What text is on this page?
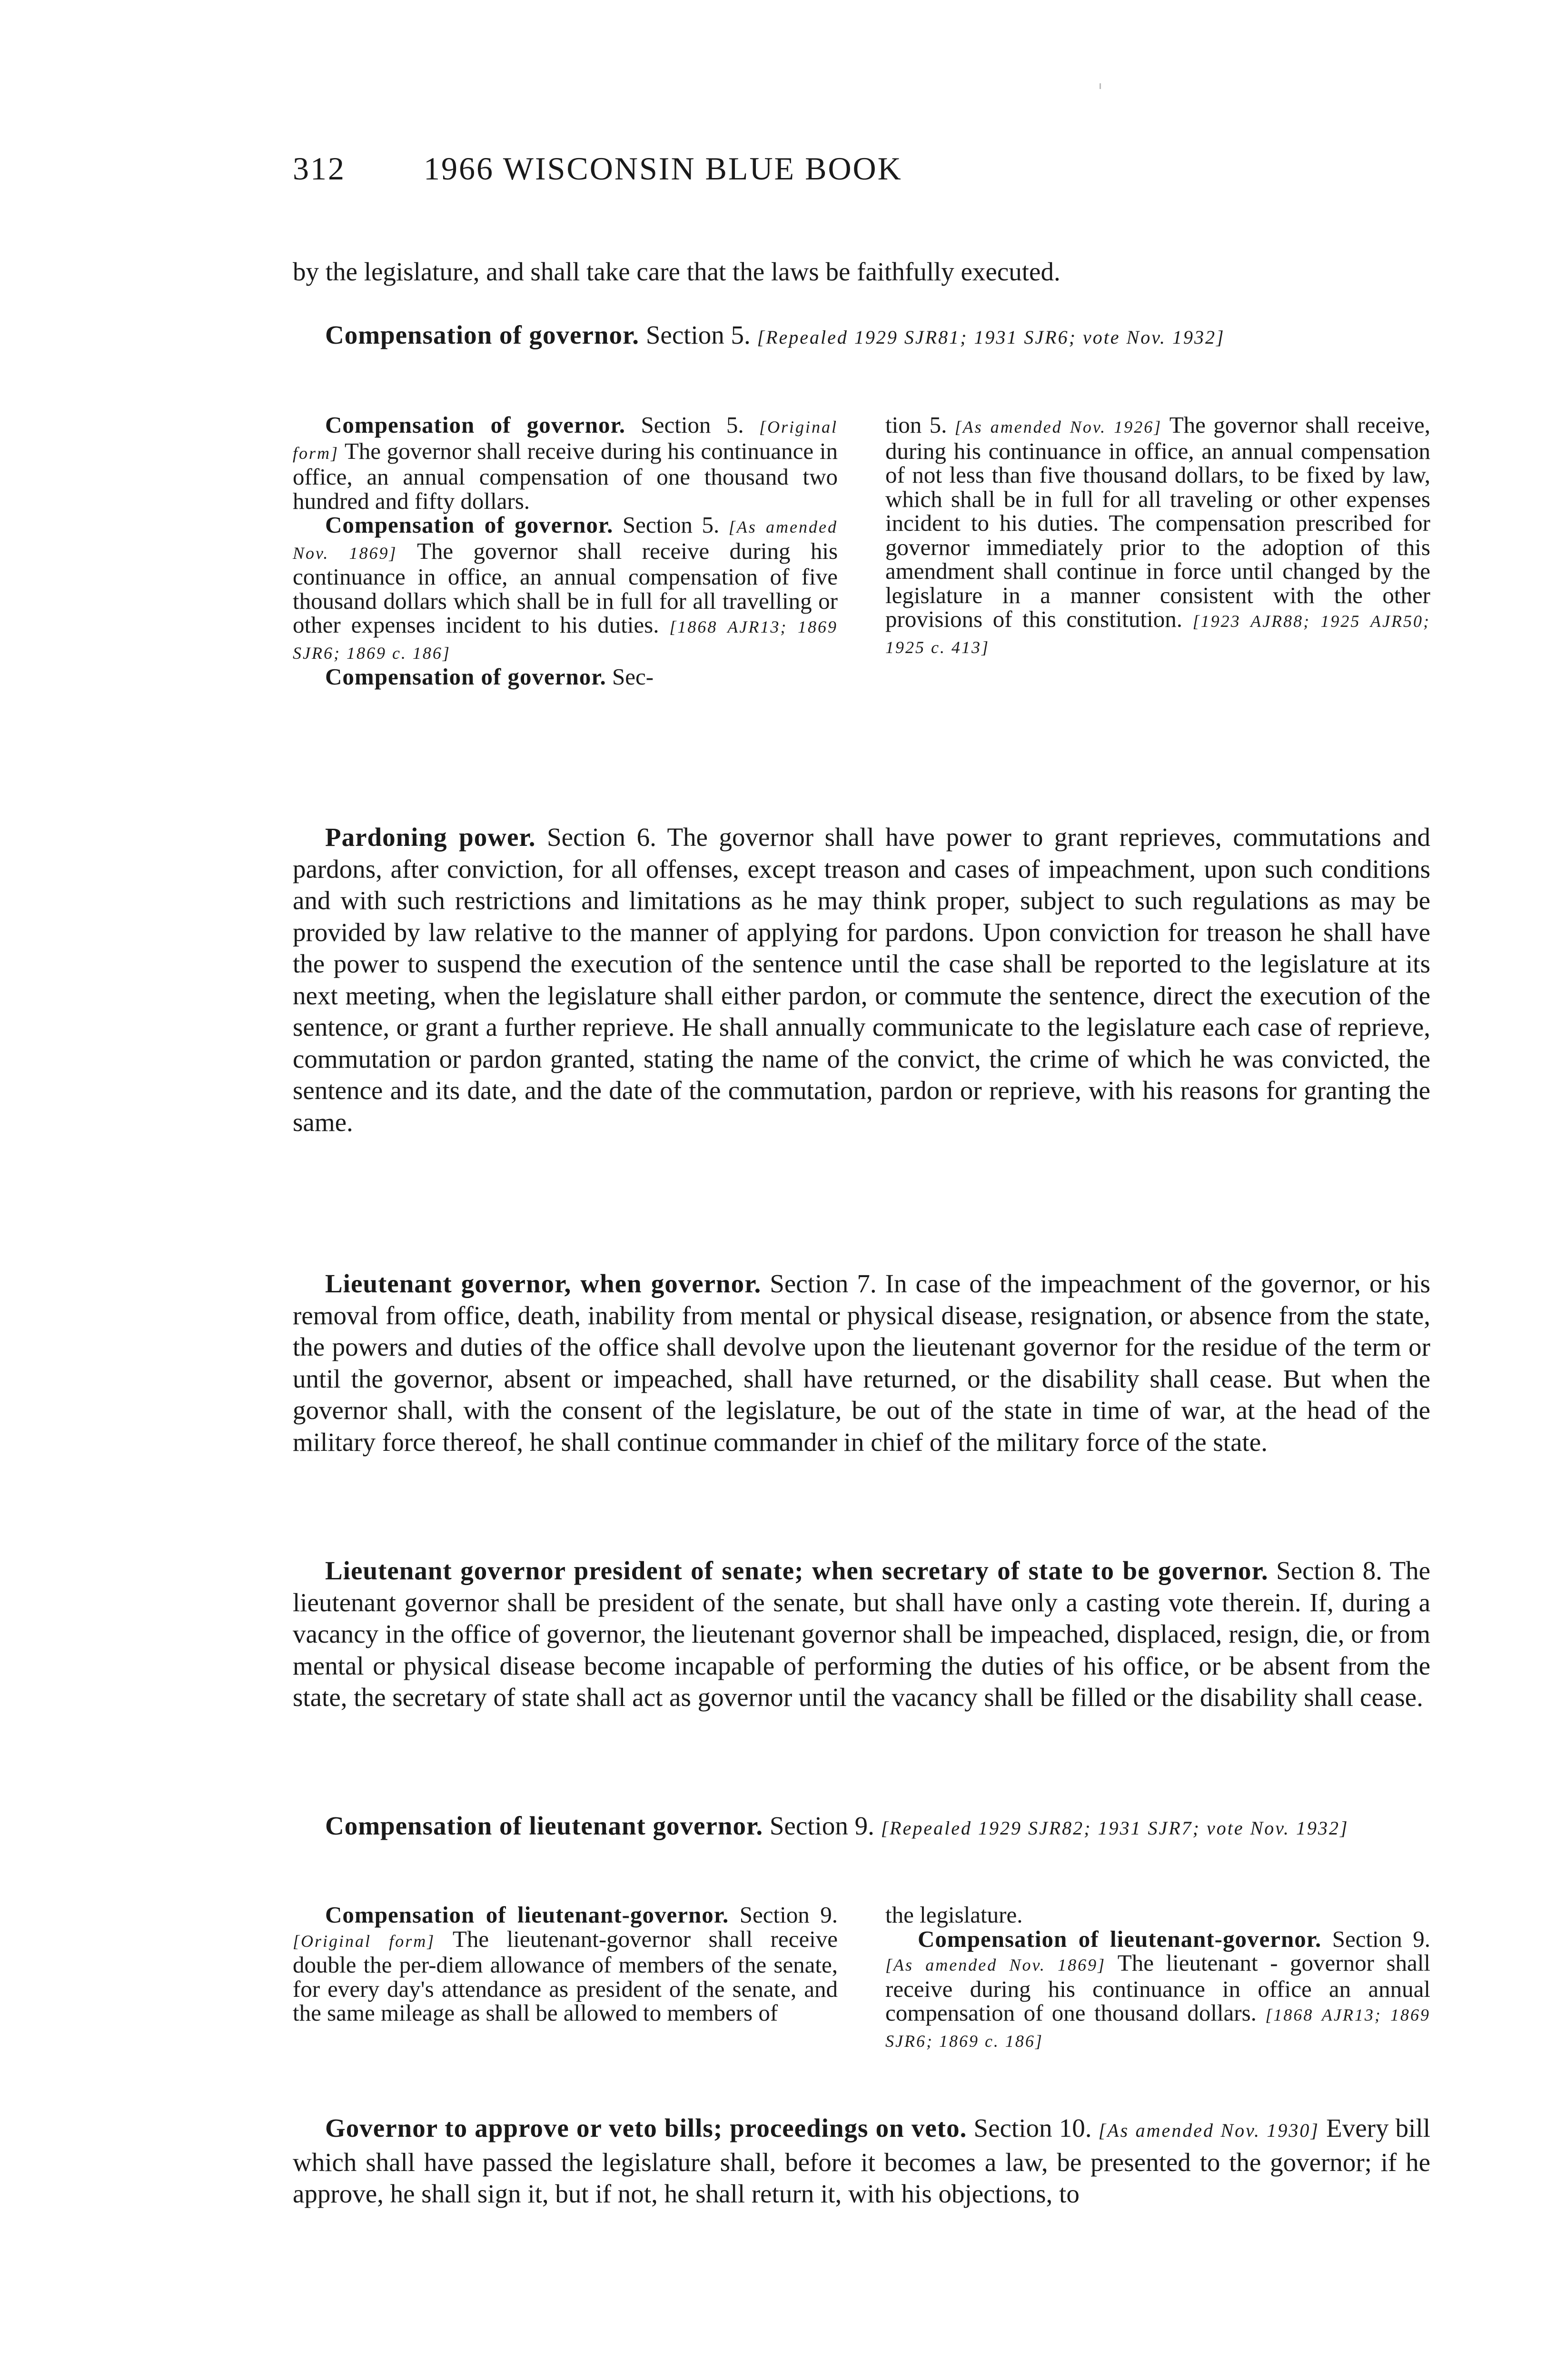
312 1966 WISCONSIN BLUE BOOK

by the legislature, and shall take care that the laws be faithfully executed.

Compensation of governor. Section 5. [Repealed 1929 SJR81; 1931 SJR6; vote Nov. 1932]

Compensation of governor. Section 5. [Original form] The governor shall receive during his continuance in office, an annual compensation of one thousand two hundred and fifty dollars.

Compensation of governor. Section 5. [As amended Nov. 1869] The governor shall receive during his continuance in office, an annual compensation of five thousand dollars which shall be in full for all travelling or other expenses incident to his duties. [1868 AJR13; 1869 SJR6; 1869 c. 186]

Compensation of governor. Sec-

tion 5. [As amended Nov. 1926] The governor shall receive, during his continuance in office, an annual compensation of not less than five thousand dollars, to be fixed by law, which shall be in full for all traveling or other expenses incident to his duties. The compensation prescribed for governor immediately prior to the adoption of this amendment shall continue in force until changed by the legislature in a manner consistent with the other provisions of this constitution. [1923 AJR88; 1925 AJR50; 1925 c. 413]

Pardoning power. Section 6. The governor shall have power to grant reprieves, commutations and pardons, after conviction, for all offenses, except treason and cases of impeachment, upon such conditions and with such restrictions and limitations as he may think proper, subject to such regulations as may be provided by law relative to the manner of applying for pardons. Upon conviction for treason he shall have the power to suspend the execution of the sentence until the case shall be reported to the legislature at its next meeting, when the legislature shall either pardon, or commute the sentence, direct the execution of the sentence, or grant a further reprieve. He shall annually communicate to the legislature each case of reprieve, commutation or pardon granted, stating the name of the convict, the crime of which he was convicted, the sentence and its date, and the date of the commutation, pardon or reprieve, with his reasons for granting the same.

Lieutenant governor, when governor. Section 7. In case of the impeachment of the governor, or his removal from office, death, inability from mental or physical disease, resignation, or absence from the state, the powers and duties of the office shall devolve upon the lieutenant governor for the residue of the term or until the governor, absent or impeached, shall have returned, or the disability shall cease. But when the governor shall, with the consent of the legislature, be out of the state in time of war, at the head of the military force thereof, he shall continue commander in chief of the military force of the state.

Lieutenant governor president of senate; when secretary of state to be governor. Section 8. The lieutenant governor shall be president of the senate, but shall have only a casting vote therein. If, during a vacancy in the office of governor, the lieutenant governor shall be impeached, displaced, resign, die, or from mental or physical disease become incapable of performing the duties of his office, or be absent from the state, the secretary of state shall act as governor until the vacancy shall be filled or the disability shall cease.

Compensation of lieutenant governor. Section 9. [Repealed 1929 SJR82; 1931 SJR7; vote Nov. 1932]

Compensation of lieutenant-governor. Section 9. [Original form] The lieutenant-governor shall receive double the per-diem allowance of members of the senate, for every day's attendance as president of the senate, and the same mileage as shall be allowed to members of

the legislature.

Compensation of lieutenant-governor. Section 9. [As amended Nov. 1869] The lieutenant - governor shall receive during his continuance in office an annual compensation of one thousand dollars. [1868 AJR13; 1869 SJR6; 1869 c. 186]

Governor to approve or veto bills; proceedings on veto. Section 10. [As amended Nov. 1930] Every bill which shall have passed the legislature shall, before it becomes a law, be presented to the governor; if he approve, he shall sign it, but if not, he shall return it, with his objections, to
